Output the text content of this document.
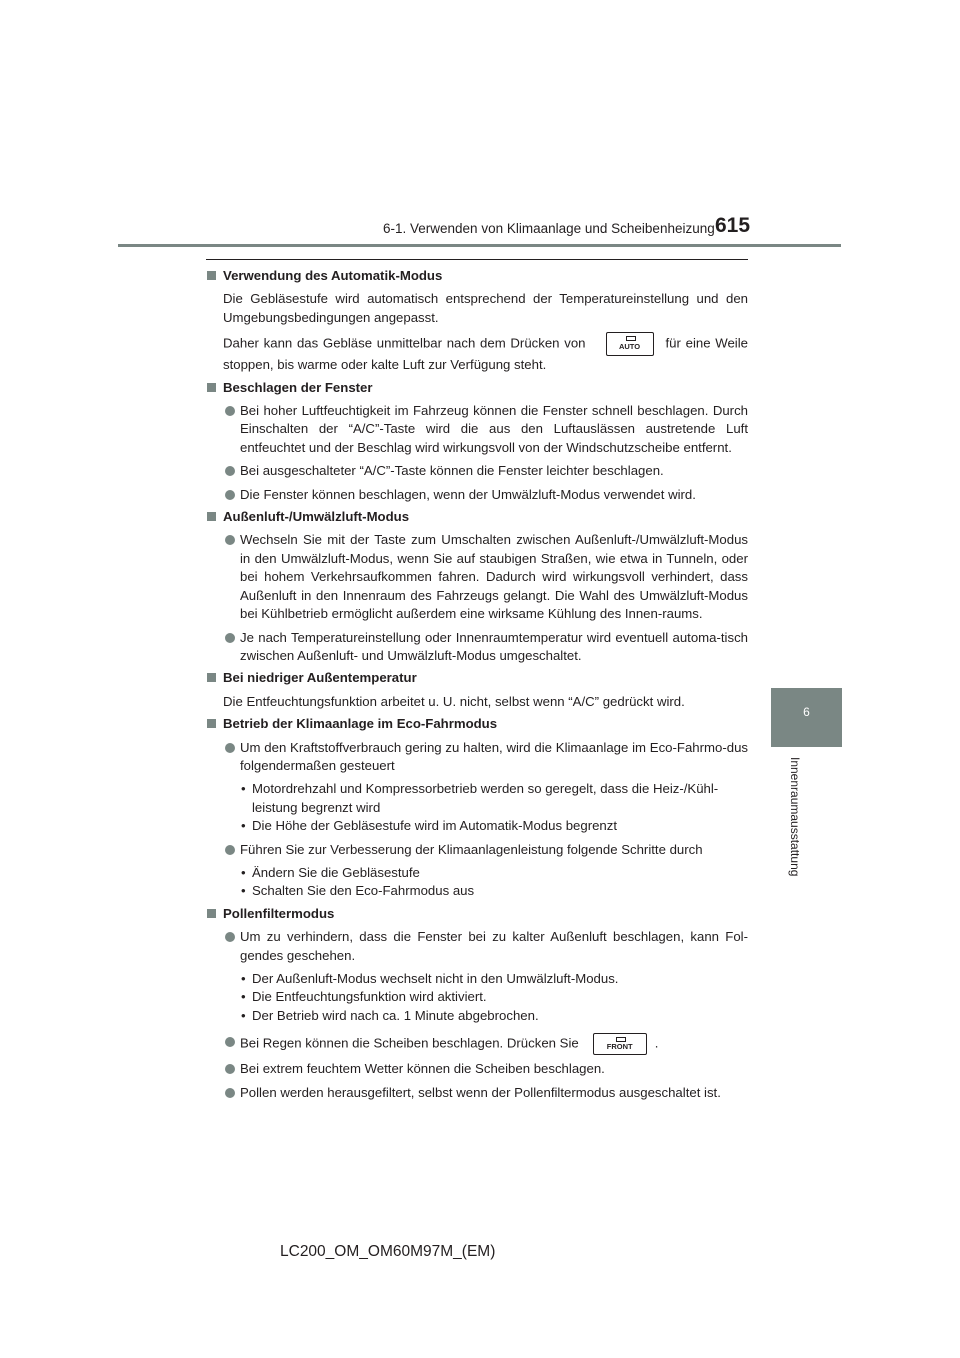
6-1. Verwenden von Klimaanlage und Scheibenheizung 615
6
Innenraumausstattung

Verwendung des Automatik-Modus

Die Gebläsestufe wird automatisch entsprechend der Temperatureinstellung und den Umgebungsbedingungen angepasst.

Daher kann das Gebläse unmittelbar nach dem Drücken von	AUTO für eine Weile stoppen, bis warme oder kalte Luft zur Verfügung steht.

Beschlagen der Fenster

Bei hoher Luftfeuchtigkeit im Fahrzeug können die Fenster schnell beschlagen. Durch Einschalten der “A/C”-Taste wird die aus den Luftauslässen austretende Luft entfeuchtet und der Beschlag wird wirkungsvoll von der Windschutzscheibe entfernt.

Bei ausgeschalteter “A/C”-Taste können die Fenster leichter beschlagen.

Die Fenster können beschlagen, wenn der Umwälzluft-Modus verwendet wird.

Außenluft-/Umwälzluft-Modus

Wechseln Sie mit der Taste zum Umschalten zwischen Außenluft-/Umwälzluft-Modus in den Umwälzluft-Modus, wenn Sie auf staubigen Straßen, wie etwa in Tunneln, oder bei hohem Verkehrsaufkommen fahren. Dadurch wird wirkungsvoll verhindert, dass Außenluft in den Innenraum des Fahrzeugs gelangt. Die Wahl des Umwälzluft-Modus bei Kühlbetrieb ermöglicht außerdem eine wirksame Kühlung des Innen-raums.

Je nach Temperatureinstellung oder Innenraumtemperatur wird eventuell automa-tisch zwischen Außenluft- und Umwälzluft-Modus umgeschaltet.

Bei niedriger Außentemperatur

Die Entfeuchtungsfunktion arbeitet u. U. nicht, selbst wenn “A/C” gedrückt wird.

Betrieb der Klimaanlage im Eco-Fahrmodus

Um den Kraftstoffverbrauch gering zu halten, wird die Klimaanlage im Eco-Fahrmo-dus folgendermaßen gesteuert

• Motordrehzahl und Kompressorbetrieb werden so geregelt, dass die Heiz-/Kühl-leistung begrenzt wird

• Die Höhe der Gebläsestufe wird im Automatik-Modus begrenzt

Führen Sie zur Verbesserung der Klimaanlagenleistung folgende Schritte durch

• Ändern Sie die Gebläsestufe

• Schalten Sie den Eco-Fahrmodus aus

Pollenfiltermodus

Um zu verhindern, dass die Fenster bei zu kalter Außenluft beschlagen, kann Fol-gendes geschehen.

• Der Außenluft-Modus wechselt nicht in den Umwälzluft-Modus.

• Die Entfeuchtungsfunktion wird aktiviert.

• Der Betrieb wird nach ca. 1 Minute abgebrochen.

Bei Regen können die Scheiben beschlagen. Drücken Sie	FRONT .

Bei extrem feuchtem Wetter können die Scheiben beschlagen.

Pollen werden herausgefiltert, selbst wenn der Pollenfiltermodus ausgeschaltet ist.

LC200_OM_OM60M97M_(EM)
